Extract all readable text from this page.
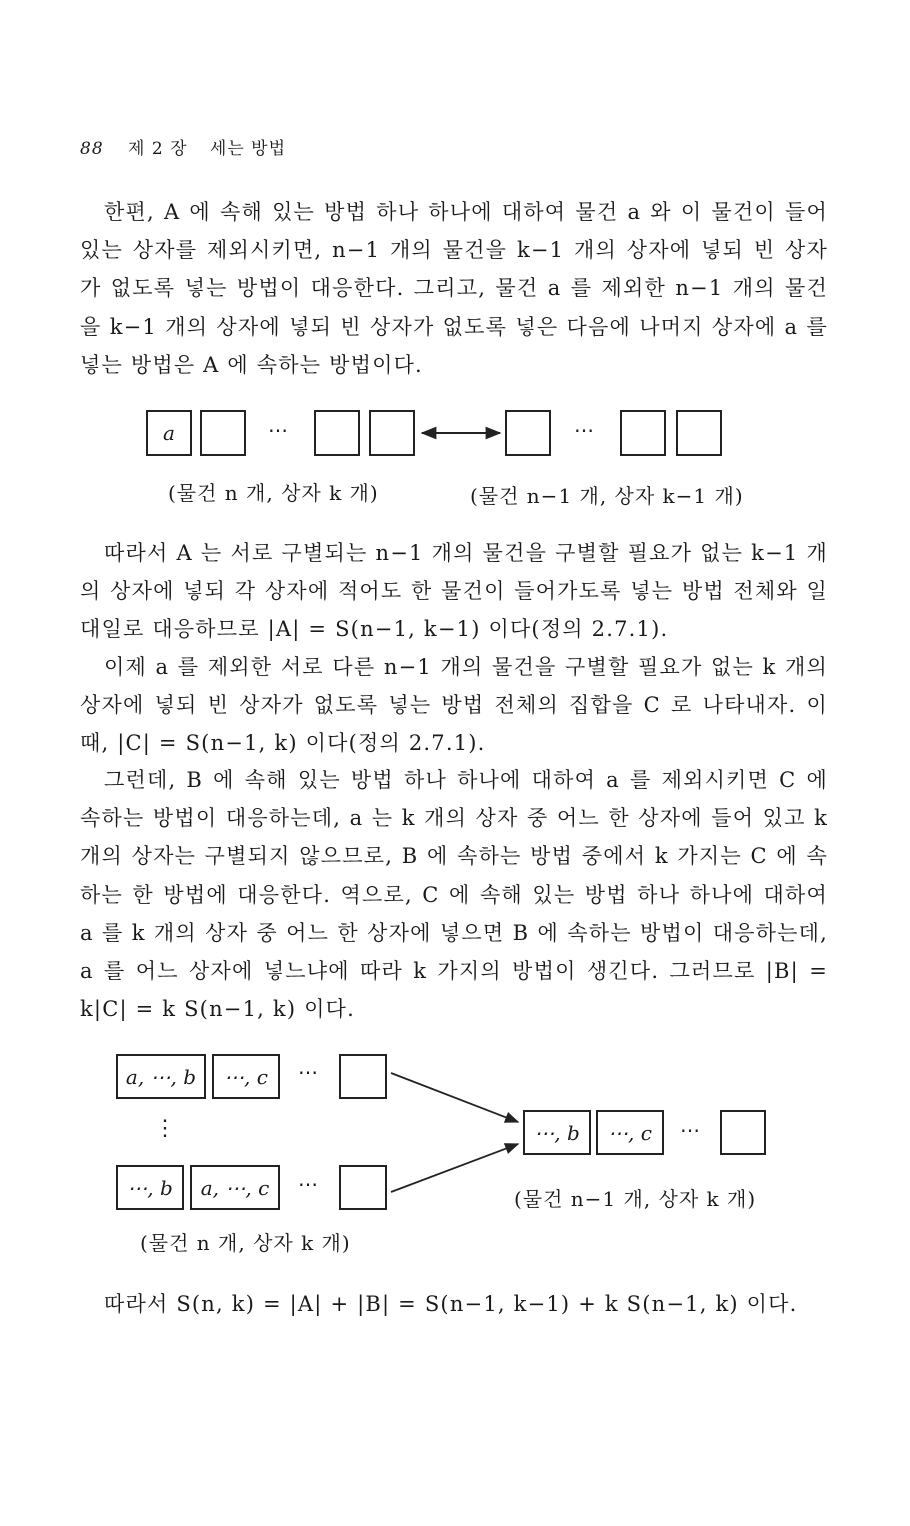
88 제 2 장 세는 방법

한편, A 에 속해 있는 방법 하나 하나에 대하여 물건 a 와 이 물건이 들어 있는 상자를 제외시키면, n−1 개의 물건을 k−1 개의 상자에 넣되 빈 상자가 없도록 넣는 방법이 대응한다. 그리고, 물건 a 를 제외한 n−1 개의 물건을 k−1 개의 상자에 넣되 빈 상자가 없도록 넣은 다음에 나머지 상자에 a 를 넣는 방법은 A 에 속하는 방법이다.

a	⋯	⋯
(물건 n 개, 상자 k 개)	(물건 n−1 개, 상자 k−1 개)

따라서 A 는 서로 구별되는 n−1 개의 물건을 구별할 필요가 없는 k−1 개의 상자에 넣되 각 상자에 적어도 한 물건이 들어가도록 넣는 방법 전체와 일대일로 대응하므로 |A| = S(n−1, k−1) 이다(정의 2.7.1).

이제 a 를 제외한 서로 다른 n−1 개의 물건을 구별할 필요가 없는 k 개의 상자에 넣되 빈 상자가 없도록 넣는 방법 전체의 집합을 C 로 나타내자. 이 때, |C| = S(n−1, k) 이다(정의 2.7.1).

그런데, B 에 속해 있는 방법 하나 하나에 대하여 a 를 제외시키면 C 에 속하는 방법이 대응하는데, a 는 k 개의 상자 중 어느 한 상자에 들어 있고 k 개의 상자는 구별되지 않으므로, B 에 속하는 방법 중에서 k 가지는 C 에 속하는 한 방법에 대응한다. 역으로, C 에 속해 있는 방법 하나 하나에 대하여 a 를 k 개의 상자 중 어느 한 상자에 넣으면 B 에 속하는 방법이 대응하는데, a 를 어느 상자에 넣느냐에 따라 k 가지의 방법이 생긴다. 그러므로 |B| = k|C| = k S(n−1, k) 이다.

a, ⋯, b	⋯, c	⋯
⋮
⋯, b	a, ⋯, c	⋯
⋯, b	⋯, c	⋯
(물건 n 개, 상자 k 개)
(물건 n−1 개, 상자 k 개)

따라서 S(n, k) = |A| + |B| = S(n−1, k−1) + k S(n−1, k) 이다.
